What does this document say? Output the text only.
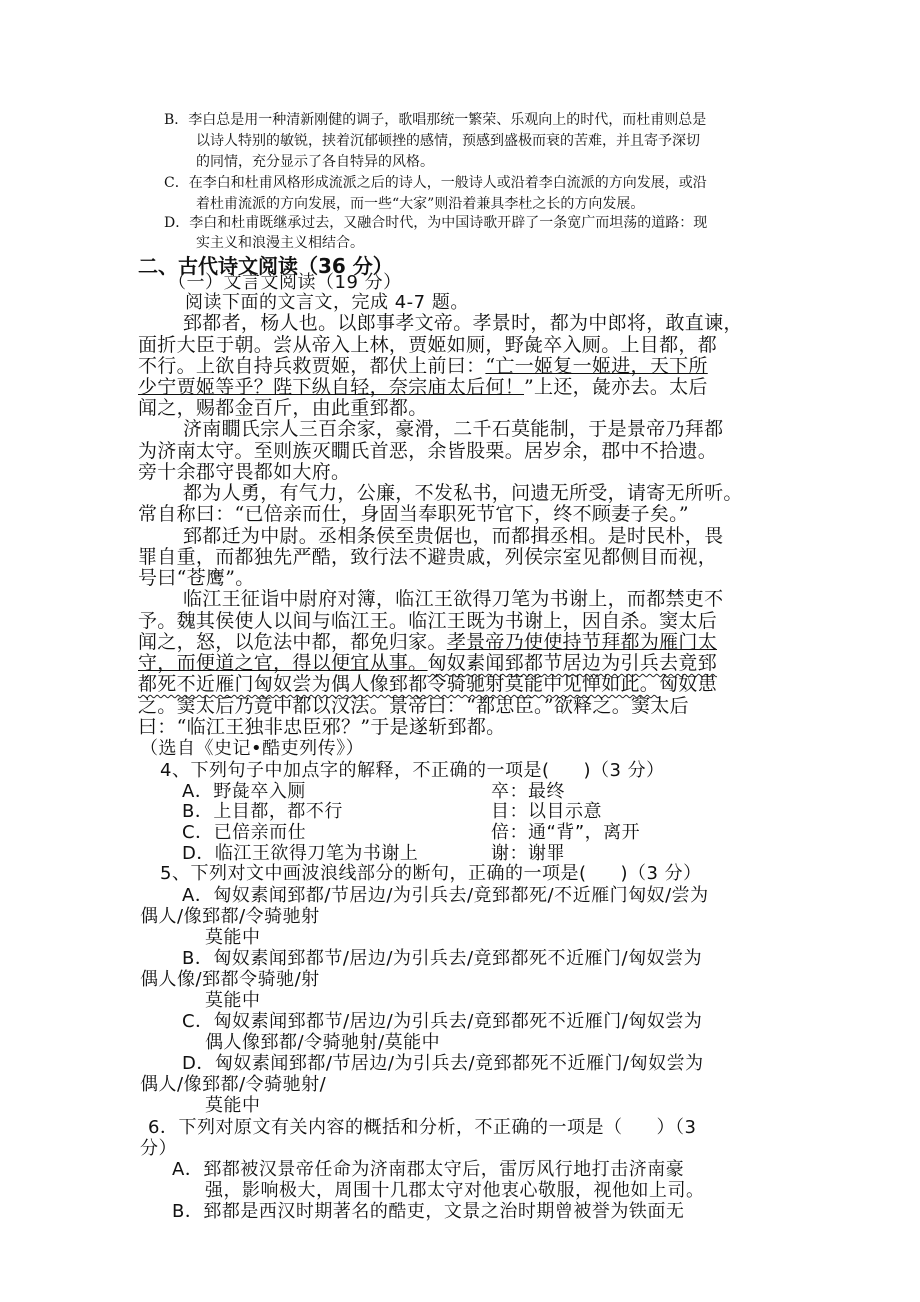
B．李白总是用一种清新刚健的调子，歌唱那统一繁荣、乐观向上的时代，而杜甫则总是
以诗人特别的敏锐，挟着沉郁顿挫的感情，预感到盛极而衰的苦难，并且寄予深切
的同情，充分显示了各自特异的风格。
C．在李白和杜甫风格形成流派之后的诗人，一般诗人或沿着李白流派的方向发展，或沿
着杜甫流派的方向发展，而一些“大家”则沿着兼具李杜之长的方向发展。
D．李白和杜甫既继承过去，又融合时代，为中国诗歌开辟了一条宽广而坦荡的道路：现
实主义和浪漫主义相结合。
二、古代诗文阅读（36 分）
（一）文言文阅读（19 分）
阅读下面的文言文，完成 4-7 题。
郅都者，杨人也。以郎事孝文帝。孝景时，都为中郎将，敢直谏，
面折大臣于朝。尝从帝入上林，贾姬如厕，野彘卒入厕。上目都，都
不行。上欲自持兵救贾姬，都伏上前曰：“亡一姬复一姬进，天下所
少宁贾姬等乎？陛下纵自轻，奈宗庙太后何！”上还，彘亦去。太后
闻之，赐都金百斤，由此重郅都。
济南瞯氏宗人三百余家，豪滑，二千石莫能制，于是景帝乃拜都
为济南太守。至则族灭瞯氏首恶，余皆股栗。居岁余，郡中不拾遗。
旁十余郡守畏都如大府。
都为人勇，有气力，公廉，不发私书，问遗无所受，请寄无所听。
常自称曰：“已倍亲而仕，身固当奉职死节官下，终不顾妻子矣。”
郅都迁为中尉。丞相条侯至贵倨也，而都揖丞相。是时民朴，畏
罪自重，而都独先严酷，致行法不避贵戚，列侯宗室见都侧目而视，
号曰“苍鹰”。
临江王征诣中尉府对簿，临江王欲得刀笔为书谢上，而都禁吏不
予。魏其侯使人以间与临江王。临江王既为书谢上，因自杀。窦太后
闻之，怒，以危法中都，都免归家。孝景帝乃使使持节拜都为雁门太
守，而便道之官，得以便宜从事。匈奴素闻郅都节居边为引兵去竟郅
都死不近雁门匈奴尝为偶人像郅都令骑驰射莫能中见惮如此。匈奴患
之。窦太后乃竟中都以汉法。景帝曰：“都忠臣。”欲释之。窦太后
曰：“临江王独非忠臣邪？”于是遂斩郅都。
（选自《史记•酷吏列传》）
4、下列句子中加点字的解释，不正确的一项是( )（3 分）
A．野彘卒入厕	卒：最终
B．上目都，都不行	目：以目示意
C．已倍亲而仕	倍：通“背”，离开
D．临江王欲得刀笔为书谢上	谢：谢罪
5、下列对文中画波浪线部分的断句，正确的一项是( )（3 分）
A．匈奴素闻郅都/节居边/为引兵去/竟郅都死/不近雁门匈奴/尝为
偶人/像郅都/令骑驰射
莫能中
B．匈奴素闻郅都节/居边/为引兵去/竟郅都死不近雁门/匈奴尝为
偶人像/郅都令骑驰/射
莫能中
C．匈奴素闻郅都节/居边/为引兵去/竟郅都死不近雁门/匈奴尝为
偶人像郅都/令骑驰射/莫能中
D．匈奴素闻郅都/节居边/为引兵去/竟郅都死不近雁门/匈奴尝为
偶人/像郅都/令骑驰射/
莫能中
6．下列对原文有关内容的概括和分析，不正确的一项是（ ）（3
分）
A．郅都被汉景帝任命为济南郡太守后，雷厉风行地打击济南豪
强，影响极大，周围十几郡太守对他衷心敬服，视他如上司。
B．郅都是西汉时期著名的酷吏，文景之治时期曾被誉为铁面无
